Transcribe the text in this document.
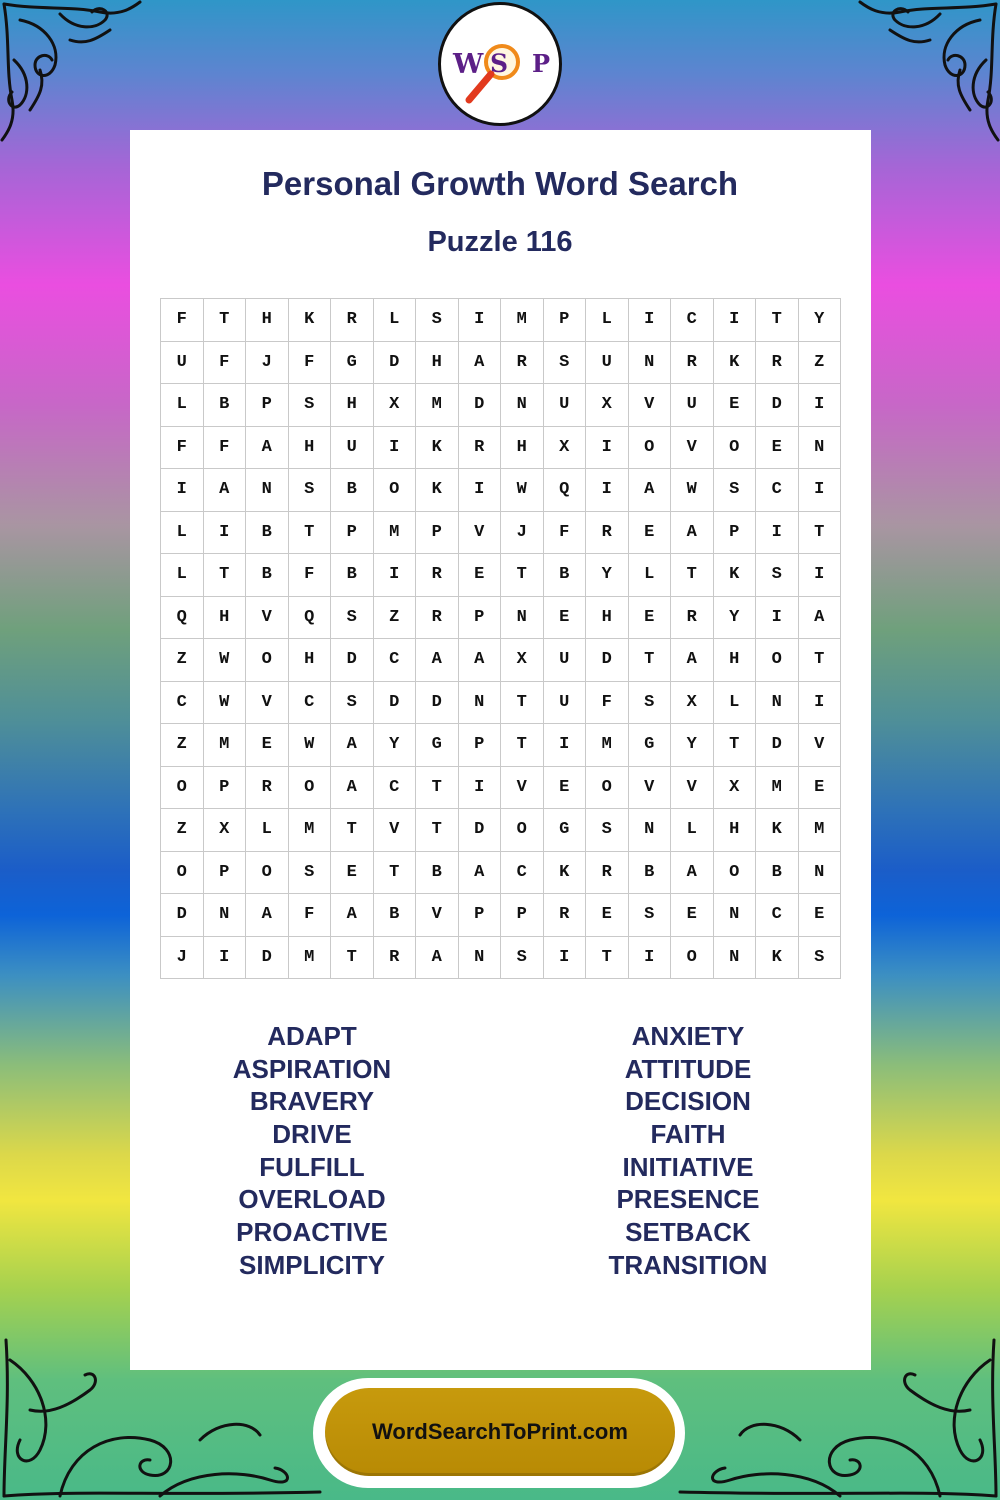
W S P
Personal Growth Word Search
Puzzle 116
F	T	H	K	R	L	S	I	M	P	L	I	C	I	T	Y
U	F	J	F	G	D	H	A	R	S	U	N	R	K	R	Z
L	B	P	S	H	X	M	D	N	U	X	V	U	E	D	I
F	F	A	H	U	I	K	R	H	X	I	O	V	O	E	N
I	A	N	S	B	O	K	I	W	Q	I	A	W	S	C	I
L	I	B	T	P	M	P	V	J	F	R	E	A	P	I	T
L	T	B	F	B	I	R	E	T	B	Y	L	T	K	S	I
Q	H	V	Q	S	Z	R	P	N	E	H	E	R	Y	I	A
Z	W	O	H	D	C	A	A	X	U	D	T	A	H	O	T
C	W	V	C	S	D	D	N	T	U	F	S	X	L	N	I
Z	M	E	W	A	Y	G	P	T	I	M	G	Y	T	D	V
O	P	R	O	A	C	T	I	V	E	O	V	V	X	M	E
Z	X	L	M	T	V	T	D	O	G	S	N	L	H	K	M
O	P	O	S	E	T	B	A	C	K	R	B	A	O	B	N
D	N	A	F	A	B	V	P	P	R	E	S	E	N	C	E
J	I	D	M	T	R	A	N	S	I	T	I	O	N	K	S
ADAPT
ASPIRATION
BRAVERY
DRIVE
FULFILL
OVERLOAD
PROACTIVE
SIMPLICITY
ANXIETY
ATTITUDE
DECISION
FAITH
INITIATIVE
PRESENCE
SETBACK
TRANSITION
WordSearchToPrint.com
